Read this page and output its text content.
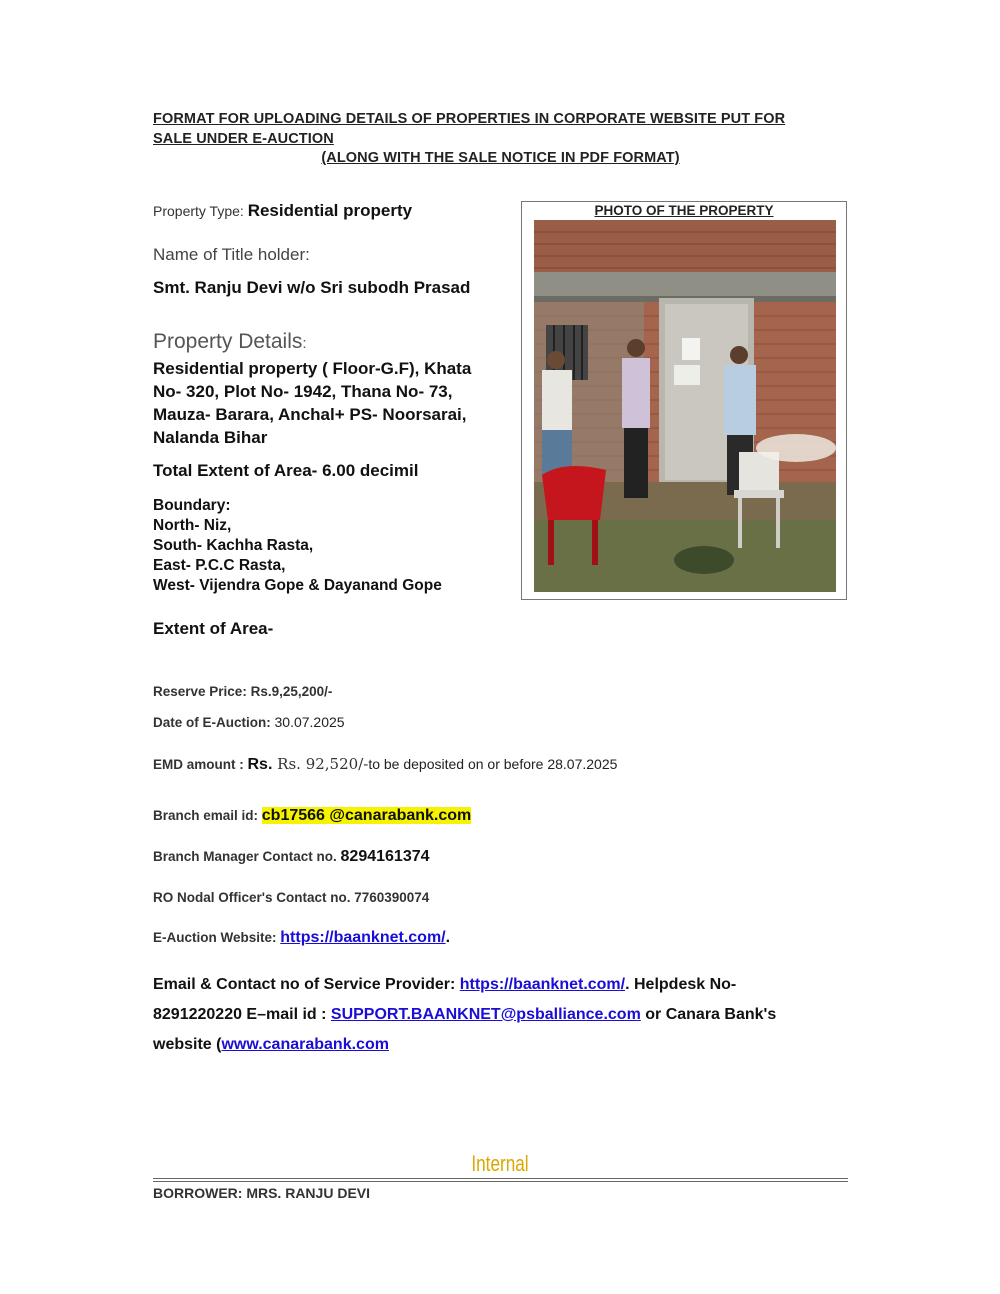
FORMAT FOR UPLOADING DETAILS OF PROPERTIES IN CORPORATE WEBSITE PUT FOR
SALE UNDER E-AUCTION
(ALONG WITH THE SALE NOTICE IN PDF FORMAT)
Property Type: Residential property
Name of Title holder:
Smt. Ranju Devi w/o Sri subodh Prasad
Property Details:
Residential property ( Floor-G.F), Khata
No- 320, Plot No- 1942, Thana No- 73,
Mauza- Barara, Anchal+ PS- Noorsarai,
Nalanda Bihar
Total Extent of Area- 6.00 decimil
Boundary:
North- Niz,
South- Kachha Rasta,
East- P.C.C Rasta,
West- Vijendra Gope & Dayanand Gope
Extent of Area-
PHOTO OF THE PROPERTY
Reserve Price: Rs.9,25,200/-
Date of E-Auction: 30.07.2025
EMD amount : Rs. Rs. 92,520/-to be deposited on or before 28.07.2025
Branch email id: cb17566 @canarabank.com
Branch Manager Contact no. 8294161374
RO Nodal Officer's Contact no. 7760390074
E-Auction Website: https://baanknet.com/.
Email & Contact no of Service Provider: https://baanknet.com/. Helpdesk No-
8291220220 E–mail id : SUPPORT.BAANKNET@psballiance.com or Canara Bank's
website (www.canarabank.com
Internal
BORROWER: MRS. RANJU DEVI
